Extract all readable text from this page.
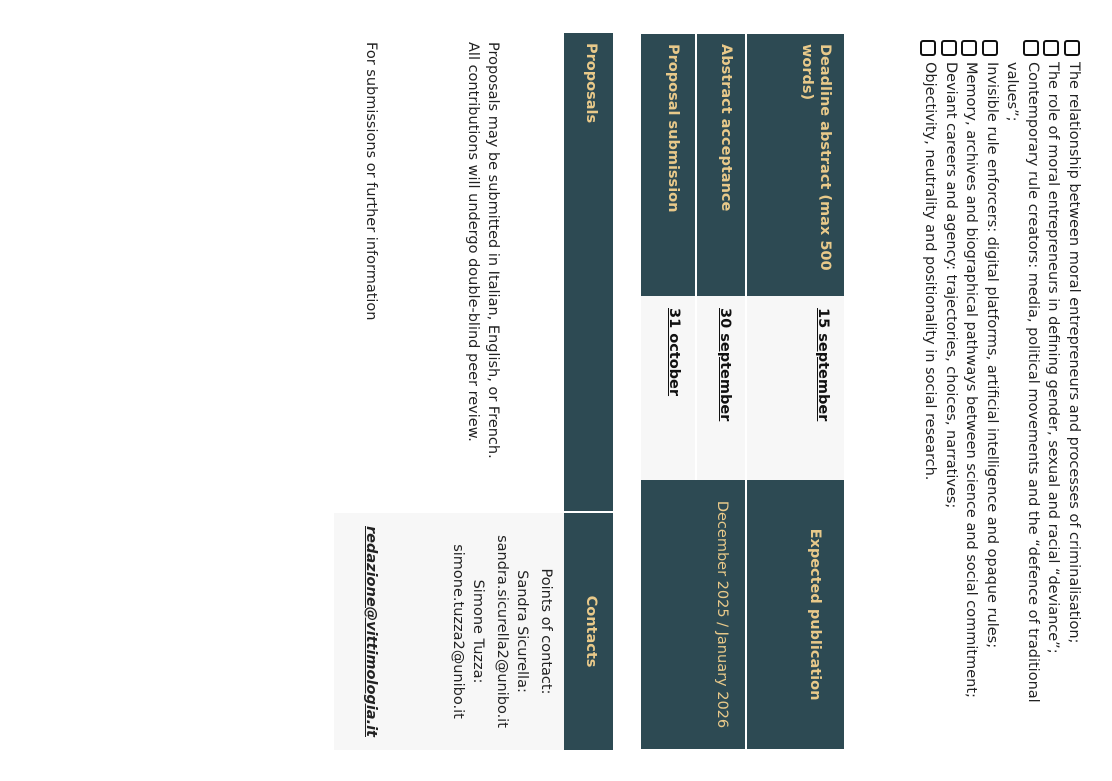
The relationship between moral entrepreneurs and processes of criminalisation;
The role of moral entrepreneurs in defining gender, sexual and racial “deviance”;
Contemporary rule creators: media, political movements and the “defence of traditional values”;
Invisible rule enforcers: digital platforms, artificial intelligence and opaque rules;
Memory, archives and biographical pathways between science and social commitment;
Deviant careers and agency: trajectories, choices, narratives;
Objectivity, neutrality and positionality in social research.
Deadline abstract (max 500 words)
Abstract acceptance
Proposal submission
15 september
30 september
31 october
Expected publication
December 2025 / January 2026
Proposals
Contacts
Proposals may be submitted in Italian, English, or French.
All contributions will undergo double-blind peer review.
For submissions or further information
Points of contact:
Sandra Sicurella:
sandra.sicurella2@unibo.it
Simone Tuzza:
simone.tuzza2@unibo.it
redazione@vittimologia.it
